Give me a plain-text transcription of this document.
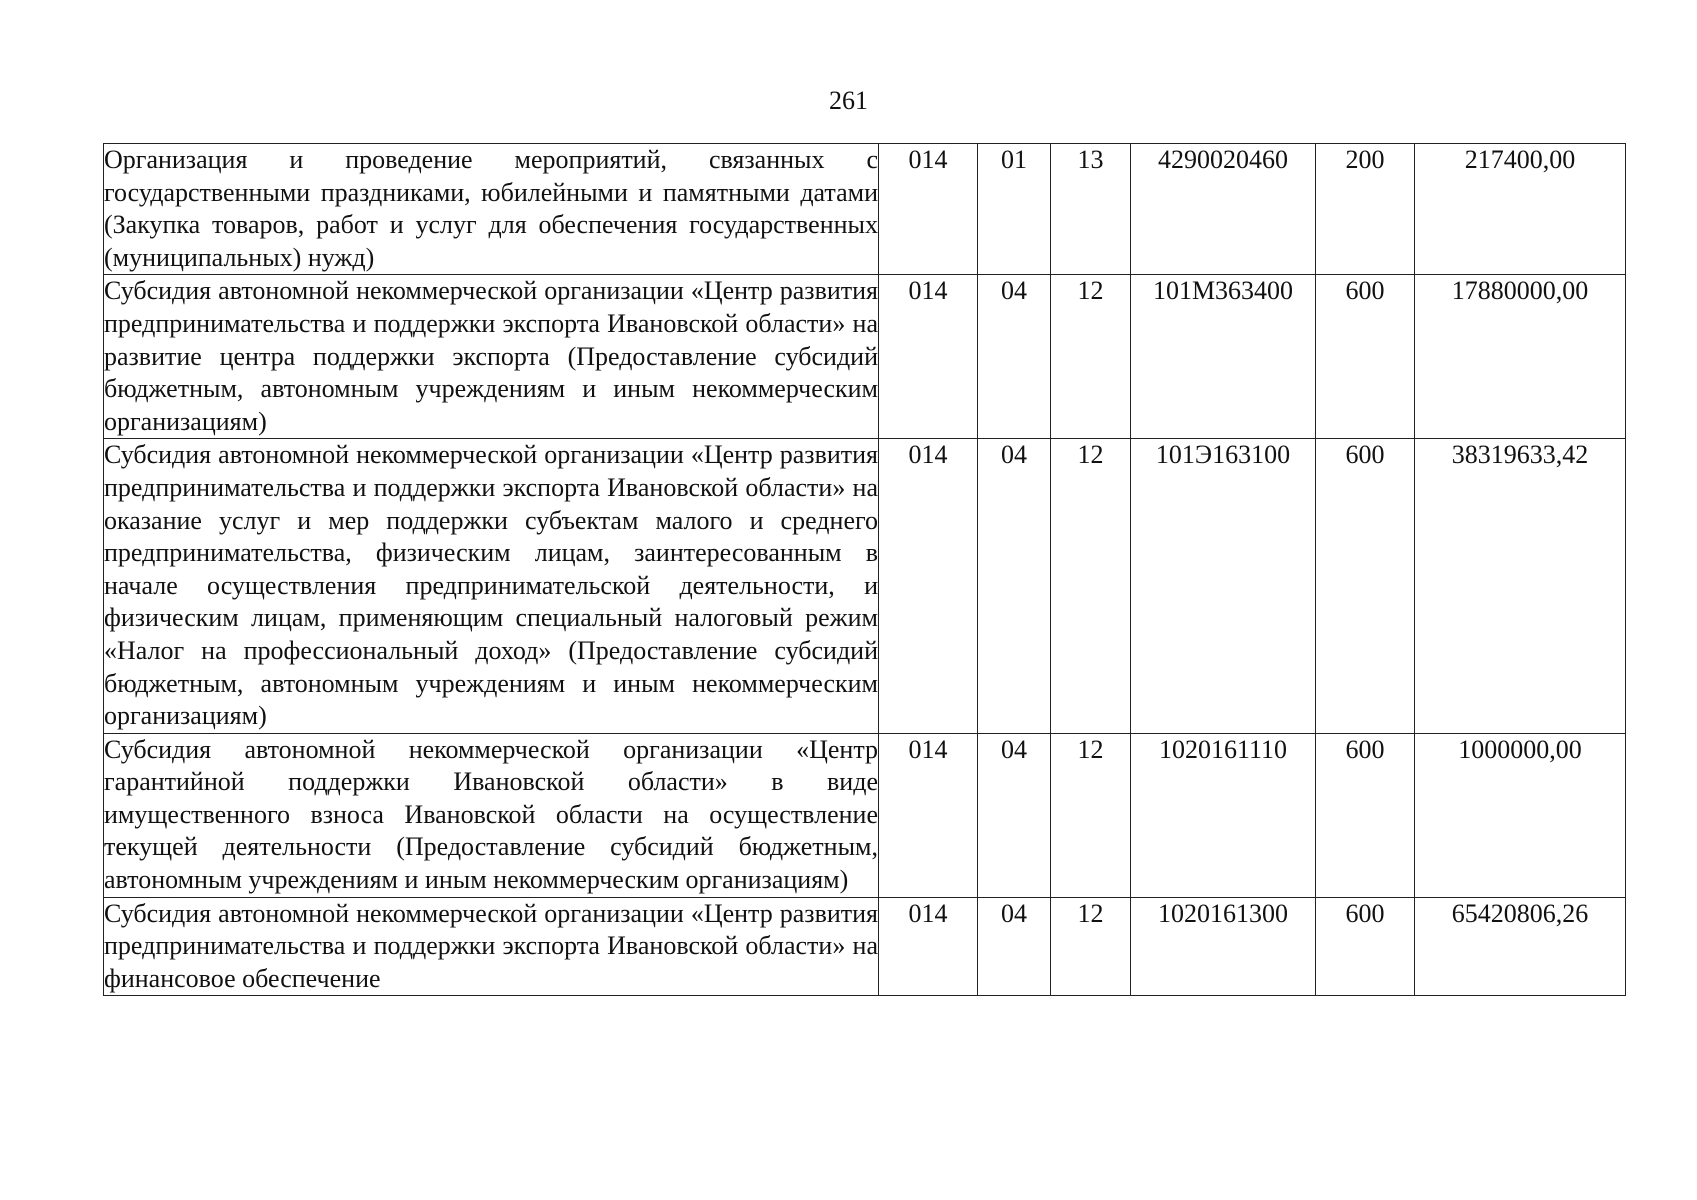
261
Организация и проведение мероприятий, связанных с государственными праздниками, юбилейными и памятными датами (Закупка товаров, работ и услуг для обеспечения государственных (муниципальных) нужд)	014	01	13	4290020460	200	217400,00

Субсидия автономной некоммерческой организации «Центр развития предпринимательства и поддержки экспорта Ивановской области» на развитие центра поддержки экспорта (Предоставление субсидий бюджетным, автономным учреждениям и иным некоммерческим организациям)	014	04	12	101М363400	600	17880000,00

Субсидия автономной некоммерческой организации «Центр развития предпринимательства и поддержки экспорта Ивановской области» на оказание услуг и мер поддержки субъектам малого и среднего предпринимательства, физическим лицам, заинтересованным в начале осуществления предпринимательской деятельности, и физическим лицам, применяющим специальный налоговый режим «Налог на профессиональный доход» (Предоставление субсидий бюджетным, автономным учреждениям и иным некоммерческим организациям)	014	04	12	101Э163100	600	38319633,42

Субсидия автономной некоммерческой организации «Центр гарантийной поддержки Ивановской области» в виде имущественного взноса Ивановской области на осуществление текущей деятельности (Предоставление субсидий бюджетным, автономным учреждениям и иным некоммерческим организациям)	014	04	12	1020161110	600	1000000,00

Субсидия автономной некоммерческой организации «Центр развития предпринимательства и поддержки экспорта Ивановской области» на финансовое обеспечение	014	04	12	1020161300	600	65420806,26
